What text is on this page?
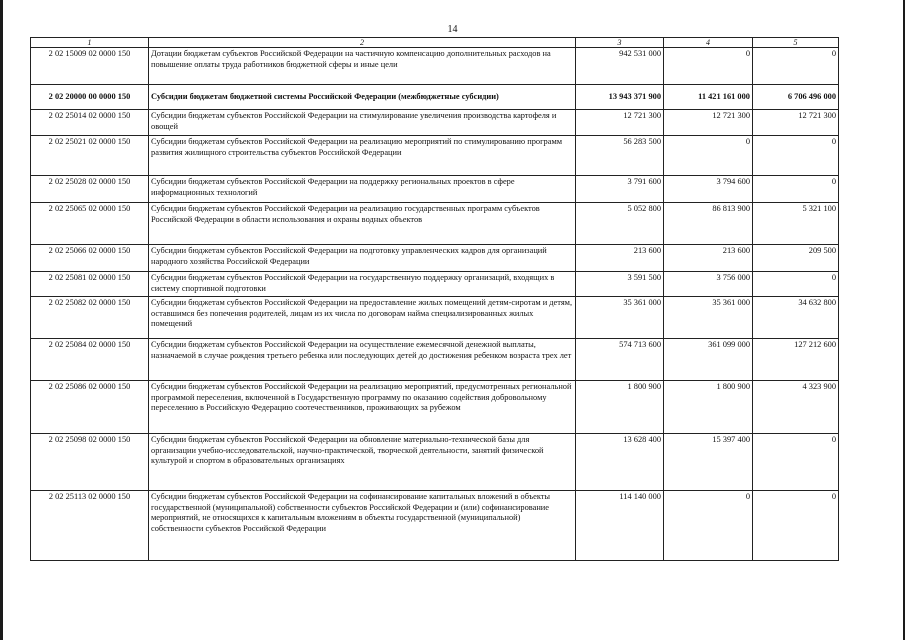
14
1	2	3	4	5
2 02 15009 02 0000 150	Дотации бюджетам субъектов Российской Федерации на частичную компенсацию дополнительных расходов на повышение оплаты труда работников бюджетной сферы и иные цели	942 531 000	0	0
2 02 20000 00 0000 150	Субсидии бюджетам бюджетной системы Российской Федерации (межбюджетные субсидии)	13 943 371 900	11 421 161 000	6 706 496 000
2 02 25014 02 0000 150	Субсидии бюджетам субъектов Российской Федерации на стимулирование увеличения производства картофеля и овощей	12 721 300	12 721 300	12 721 300
2 02 25021 02 0000 150	Субсидии бюджетам субъектов Российской Федерации на реализацию мероприятий по стимулированию программ развития жилищного строительства субъектов Российской Федерации	56 283 500	0	0
2 02 25028 02 0000 150	Субсидии бюджетам субъектов Российской Федерации на поддержку региональных проектов в сфере информационных технологий	3 791 600	3 794 600	0
2 02 25065 02 0000 150	Субсидии бюджетам субъектов Российской Федерации на реализацию государственных программ субъектов Российской Федерации в области использования и охраны водных объектов	5 052 800	86 813 900	5 321 100
2 02 25066 02 0000 150	Субсидии бюджетам субъектов Российской Федерации на подготовку управленческих кадров для организаций народного хозяйства Российской Федерации	213 600	213 600	209 500
2 02 25081 02 0000 150	Субсидии бюджетам субъектов Российской Федерации на государственную поддержку организаций, входящих в систему спортивной подготовки	3 591 500	3 756 000	0
2 02 25082 02 0000 150	Субсидии бюджетам субъектов Российской Федерации на предоставление жилых помещений детям-сиротам и детям, оставшимся без попечения родителей, лицам из их числа по договорам найма специализированных жилых помещений	35 361 000	35 361 000	34 632 800
2 02 25084 02 0000 150	Субсидии бюджетам субъектов Российской Федерации на осуществление ежемесячной денежной выплаты, назначаемой в случае рождения третьего ребенка или последующих детей до достижения ребенком возраста трех лет	574 713 600	361 099 000	127 212 600
2 02 25086 02 0000 150	Субсидии бюджетам субъектов Российской Федерации на реализацию мероприятий, предусмотренных региональной программой переселения, включенной в Государственную программу по оказанию содействия добровольному переселению в Российскую Федерацию соотечественников, проживающих за рубежом	1 800 900	1 800 900	4 323 900
2 02 25098 02 0000 150	Субсидии бюджетам субъектов Российской Федерации на обновление материально-технической базы для организации учебно-исследовательской, научно-практической, творческой деятельности, занятий физической культурой и спортом в образовательных организациях	13 628 400	15 397 400	0
2 02 25113 02 0000 150	Субсидии бюджетам субъектов Российской Федерации на софинансирование капитальных вложений в объекты государственной (муниципальной) собственности субъектов Российской Федерации и (или) софинансирование мероприятий, не относящихся к капитальным вложениям в объекты государственной (муниципальной) собственности субъектов Российской Федерации	114 140 000	0	0
